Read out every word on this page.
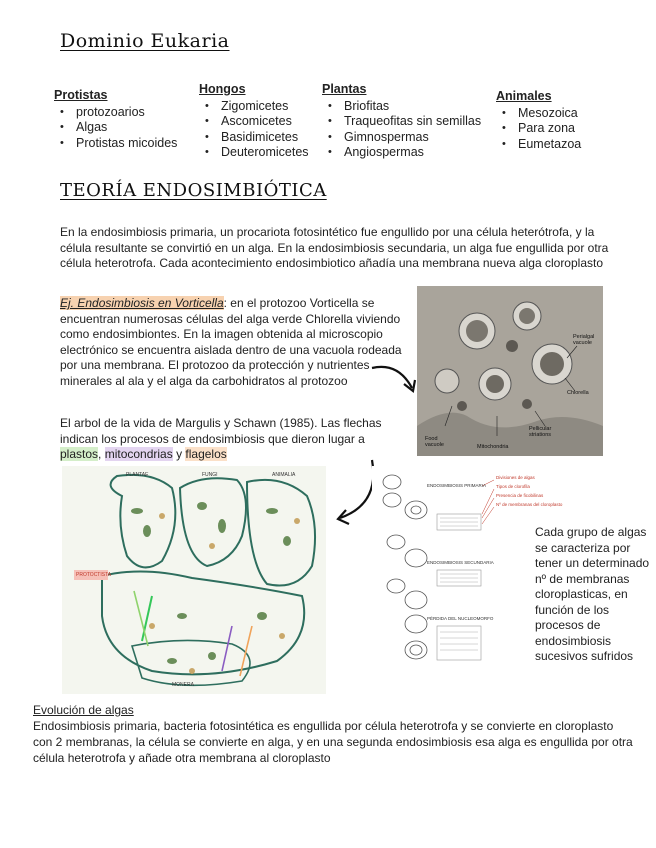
Dominio Eukaria
Protistas
• protozoarios
• Algas
• Protistas micoides
Hongos
• Zigomicetes
• Ascomicetes
• Basidimicetes
• Deuteromicetes
Plantas
• Briofitas
• Traqueofitas sin semillas
• Gimnospermas
• Angiospermas
Animales
• Mesozoica
• Para zona
• Eumetazoa
TEORÍA ENDOSIMBIÓTICA

En la endosimbiosis primaria, un procariota fotosintético fue engullido por una célula heterótrofa, y la célula resultante se convirtió en un alga. En la endosimbiosis secundaria, un alga fue engullida por otra célula heterotrofa. Cada acontecimiento endosimbiotico añadía una membrana nueva alga cloroplasto

Ej. Endosimbiosis en Vorticella: en el protozoo Vorticella se encuentran numerosas células del alga verde Chlorella viviendo como endosimbiontes. En la imagen obtenida al microscopio electrónico se encuentra aislada dentro de una vacuola rodeada por una membrana. El protozoo da protección y nutrientes minerales al ala y el alga da carbohidratos al protozoo

Perialgal vacuole
Chlorella
Pellicular striations
Food vacuole	Mitochondria

El arbol de la vida de Margulis y Schawn (1985). Las flechas indican los procesos de endosimbiosis que dieron lugar a plastos, mitocondrias y flagelos

PLANTAE	FUNGI	ANIMALIA
PROTOCTISTA
MONERA
ENDOSIMBIOSIS PRIMARIA
ENDOSIMBIOSIS SECUNDARIA
PÉRDIDA DEL NUCLEOMORFO
Divisiones de algas
Tipos de clorofila
Presencia de ficobilinas
Nº de membranas del cloroplasto

Cada grupo de algas se caracteriza por tener un determinado nº de membranas cloroplasticas, en función de los procesos de endosimbiosis sucesivos sufridos

Evolución de algas

Endosimbiosis primaria, bacteria fotosintética es engullida por célula heterotrofa y se convierte en cloroplasto con 2 membranas, la célula se convierte en alga, y en una segunda endosimbiosis esa alga es engullida por otra célula heterotrofa y añade otra membrana al cloroplasto
